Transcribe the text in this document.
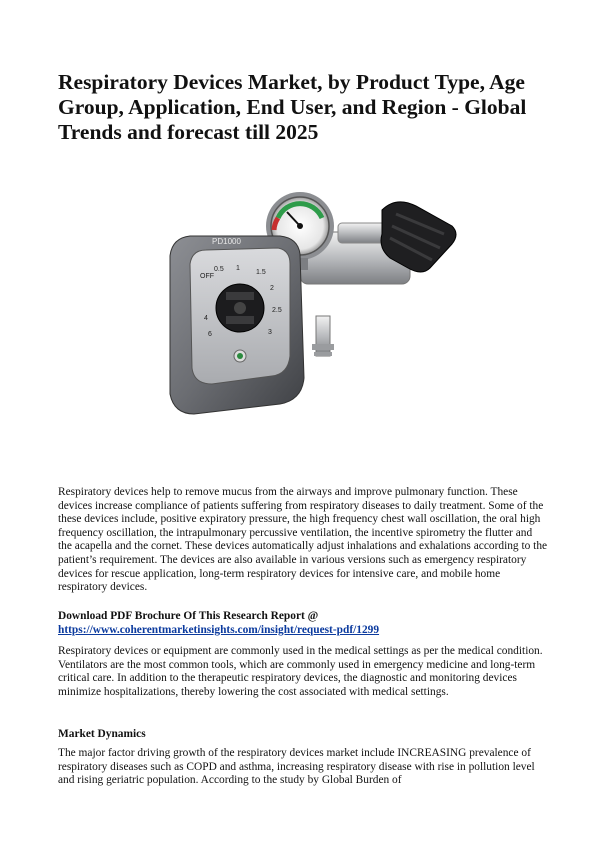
Respiratory Devices Market, by Product Type, Age Group, Application, End User, and Region - Global Trends and forecast till 2025
PD1000
OFF
0.5 1
1.5
2
2.5
3
4
6

Respiratory devices help to remove mucus from the airways and improve pulmonary function. These devices increase compliance of patients suffering from respiratory diseases to daily treatment. Some of the these devices include, positive expiratory pressure, the high frequency chest wall oscillation, the oral high frequency oscillation, the intrapulmonary percussive ventilation, the incentive spirometry the flutter and the acapella and the cornet. These devices automatically adjust inhalations and exhalations according to the patient’s requirement. The devices are also available in various versions such as emergency respiratory devices for rescue application, long-term respiratory devices for intensive care, and mobile home respiratory devices.

Download PDF Brochure Of This Research Report @
https://www.coherentmarketinsights.com/insight/request-pdf/1299

Respiratory devices or equipment are commonly used in the medical settings as per the medical condition. Ventilators are the most common tools, which are commonly used in emergency medicine and long-term critical care. In addition to the therapeutic respiratory devices, the diagnostic and monitoring devices minimize hospitalizations, thereby lowering the cost associated with medical settings.

Market Dynamics

The major factor driving growth of the respiratory devices market include INCREASING prevalence of respiratory diseases such as COPD and asthma, increasing respiratory disease with rise in pollution level and rising geriatric population. According to the study by Global Burden of
